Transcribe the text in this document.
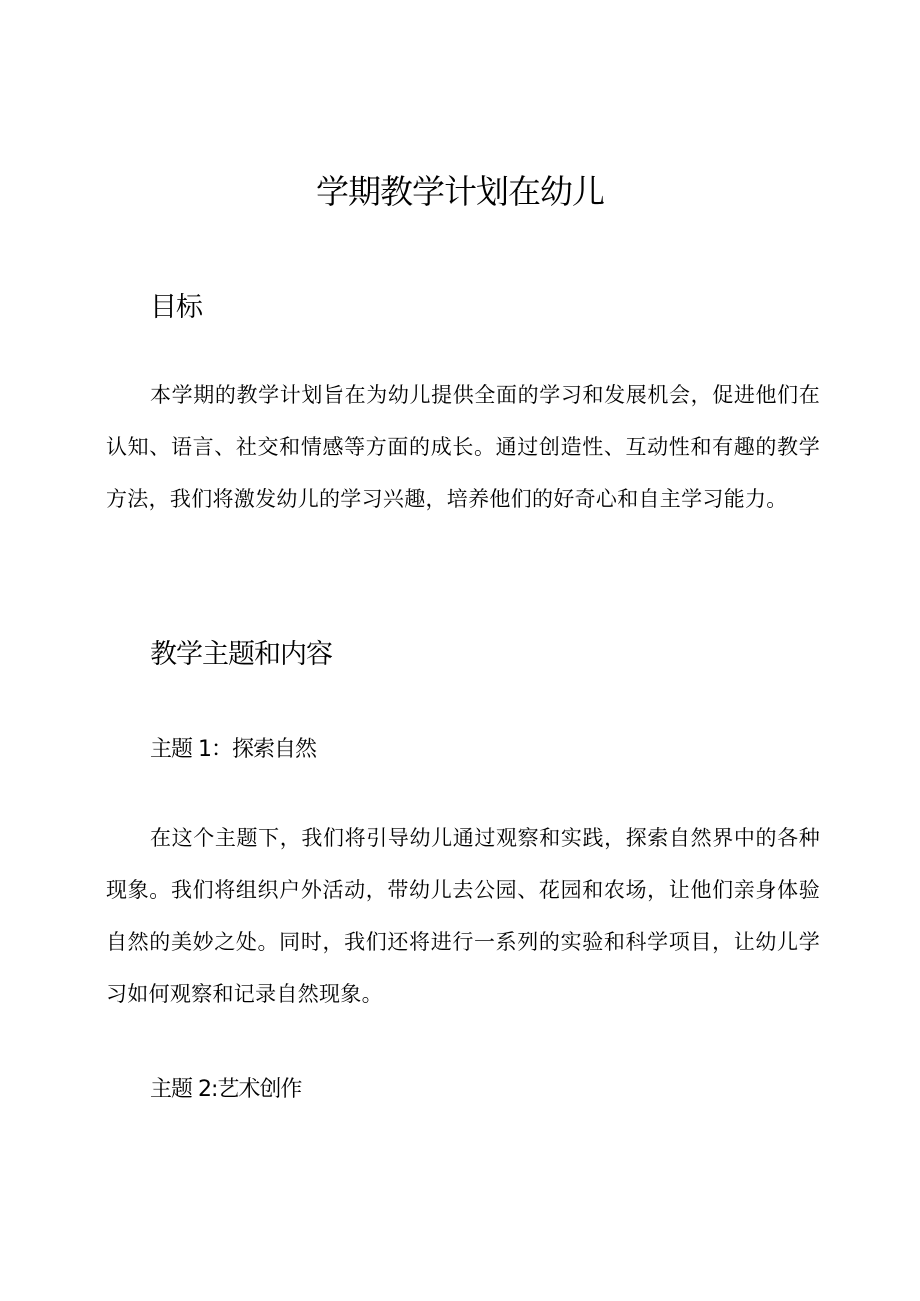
学期教学计划在幼儿
目标

本学期的教学计划旨在为幼儿提供全面的学习和发展机会，促进他们在认知、语言、社交和情感等方面的成长。通过创造性、互动性和有趣的教学方法，我们将激发幼儿的学习兴趣，培养他们的好奇心和自主学习能力。

教学主题和内容
主题 1：探索自然

在这个主题下，我们将引导幼儿通过观察和实践，探索自然界中的各种现象。我们将组织户外活动，带幼儿去公园、花园和农场，让他们亲身体验自然的美妙之处。同时，我们还将进行一系列的实验和科学项目，让幼儿学习如何观察和记录自然现象。

主题 2:艺术创作
